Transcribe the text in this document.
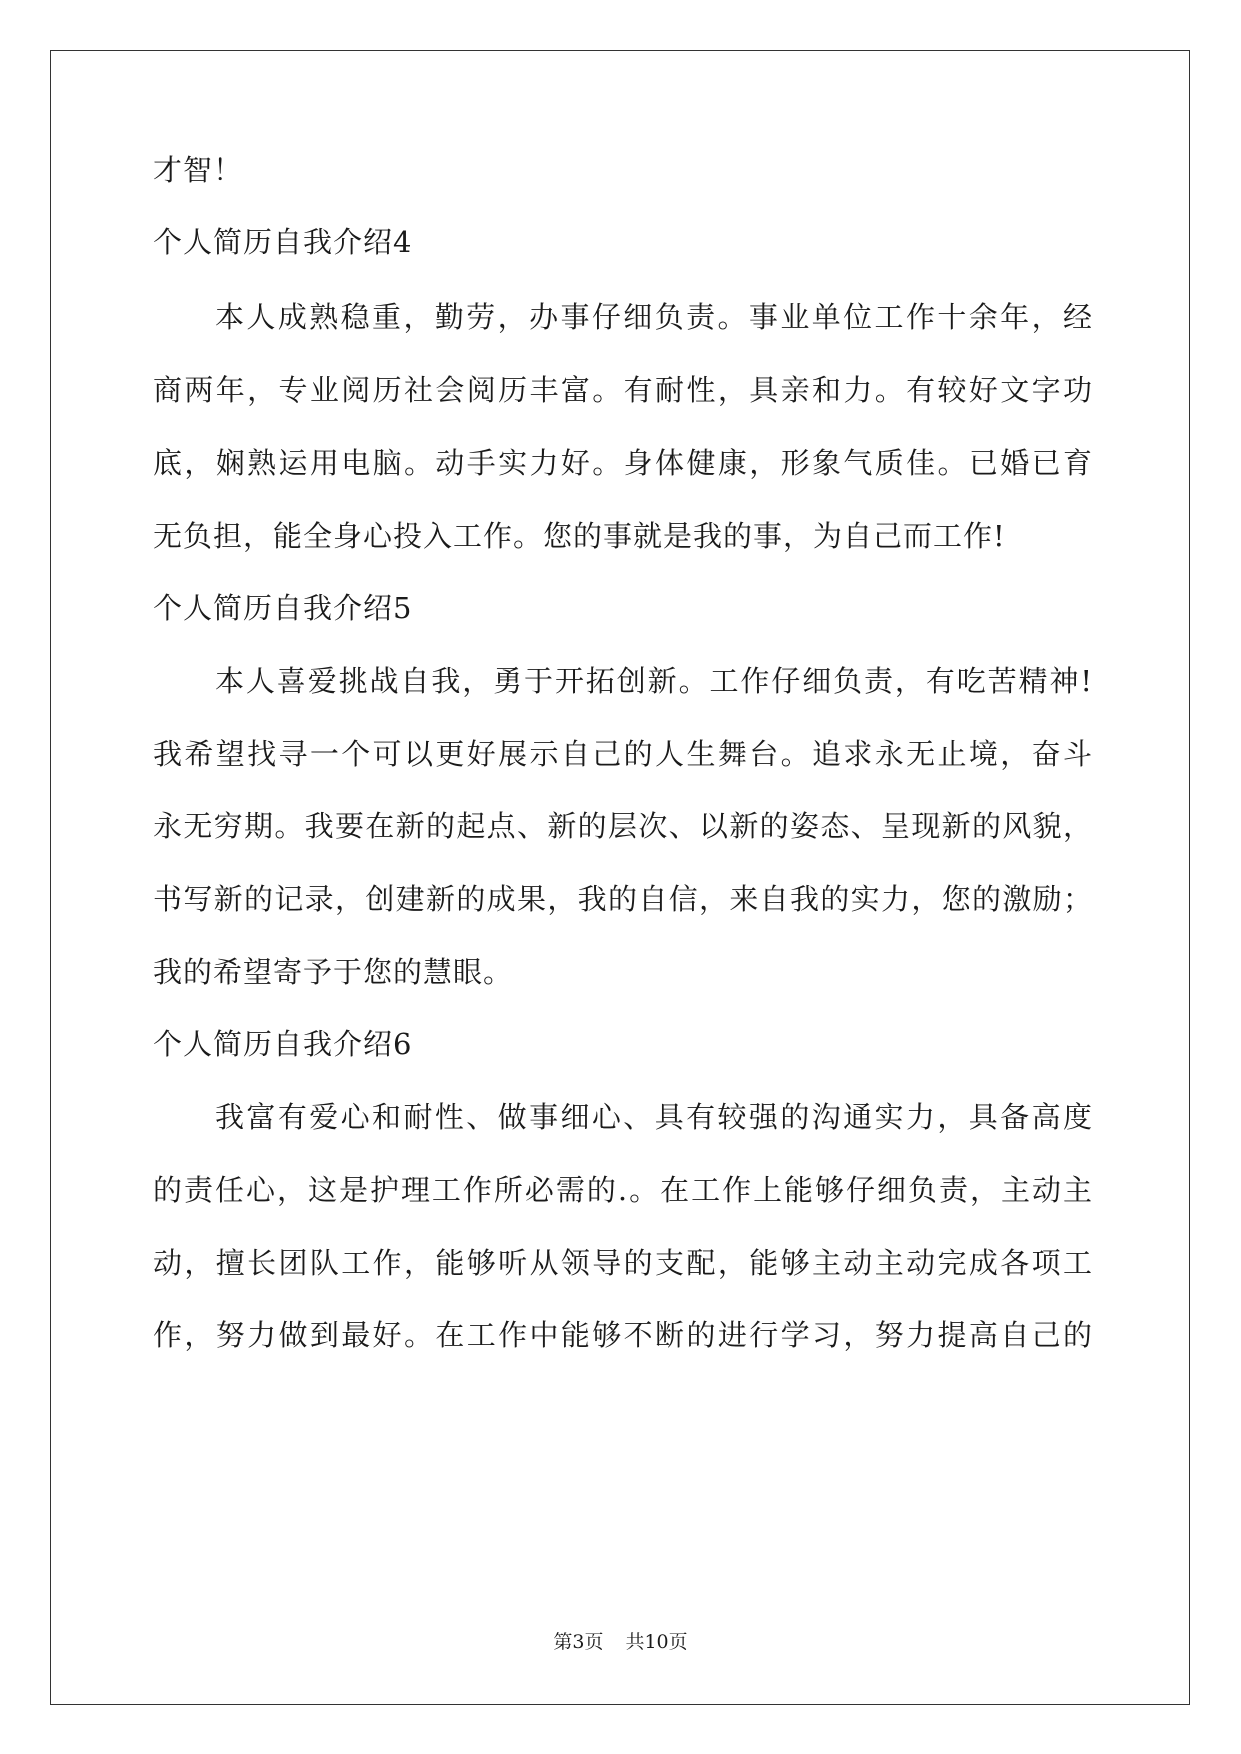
才智！
个人简历自我介绍4
本人成熟稳重，勤劳，办事仔细负责。事业单位工作十余年，经
商两年，专业阅历社会阅历丰富。有耐性，具亲和力。有较好文字功
底，娴熟运用电脑。动手实力好。身体健康，形象气质佳。已婚已育
无负担，能全身心投入工作。您的事就是我的事，为自己而工作!
个人简历自我介绍5
本人喜爱挑战自我，勇于开拓创新。工作仔细负责，有吃苦精神!
我希望找寻一个可以更好展示自己的人生舞台。追求永无止境，奋斗
永无穷期。我要在新的起点、新的层次、以新的姿态、呈现新的风貌，
书写新的记录，创建新的成果，我的自信，来自我的实力，您的激励；
我的希望寄予于您的慧眼。
个人简历自我介绍6
我富有爱心和耐性、做事细心、具有较强的沟通实力，具备高度
的责任心，这是护理工作所必需的.。在工作上能够仔细负责，主动主
动，擅长团队工作，能够听从领导的支配，能够主动主动完成各项工
作，努力做到最好。在工作中能够不断的进行学习，努力提高自己的
第3页 共10页
